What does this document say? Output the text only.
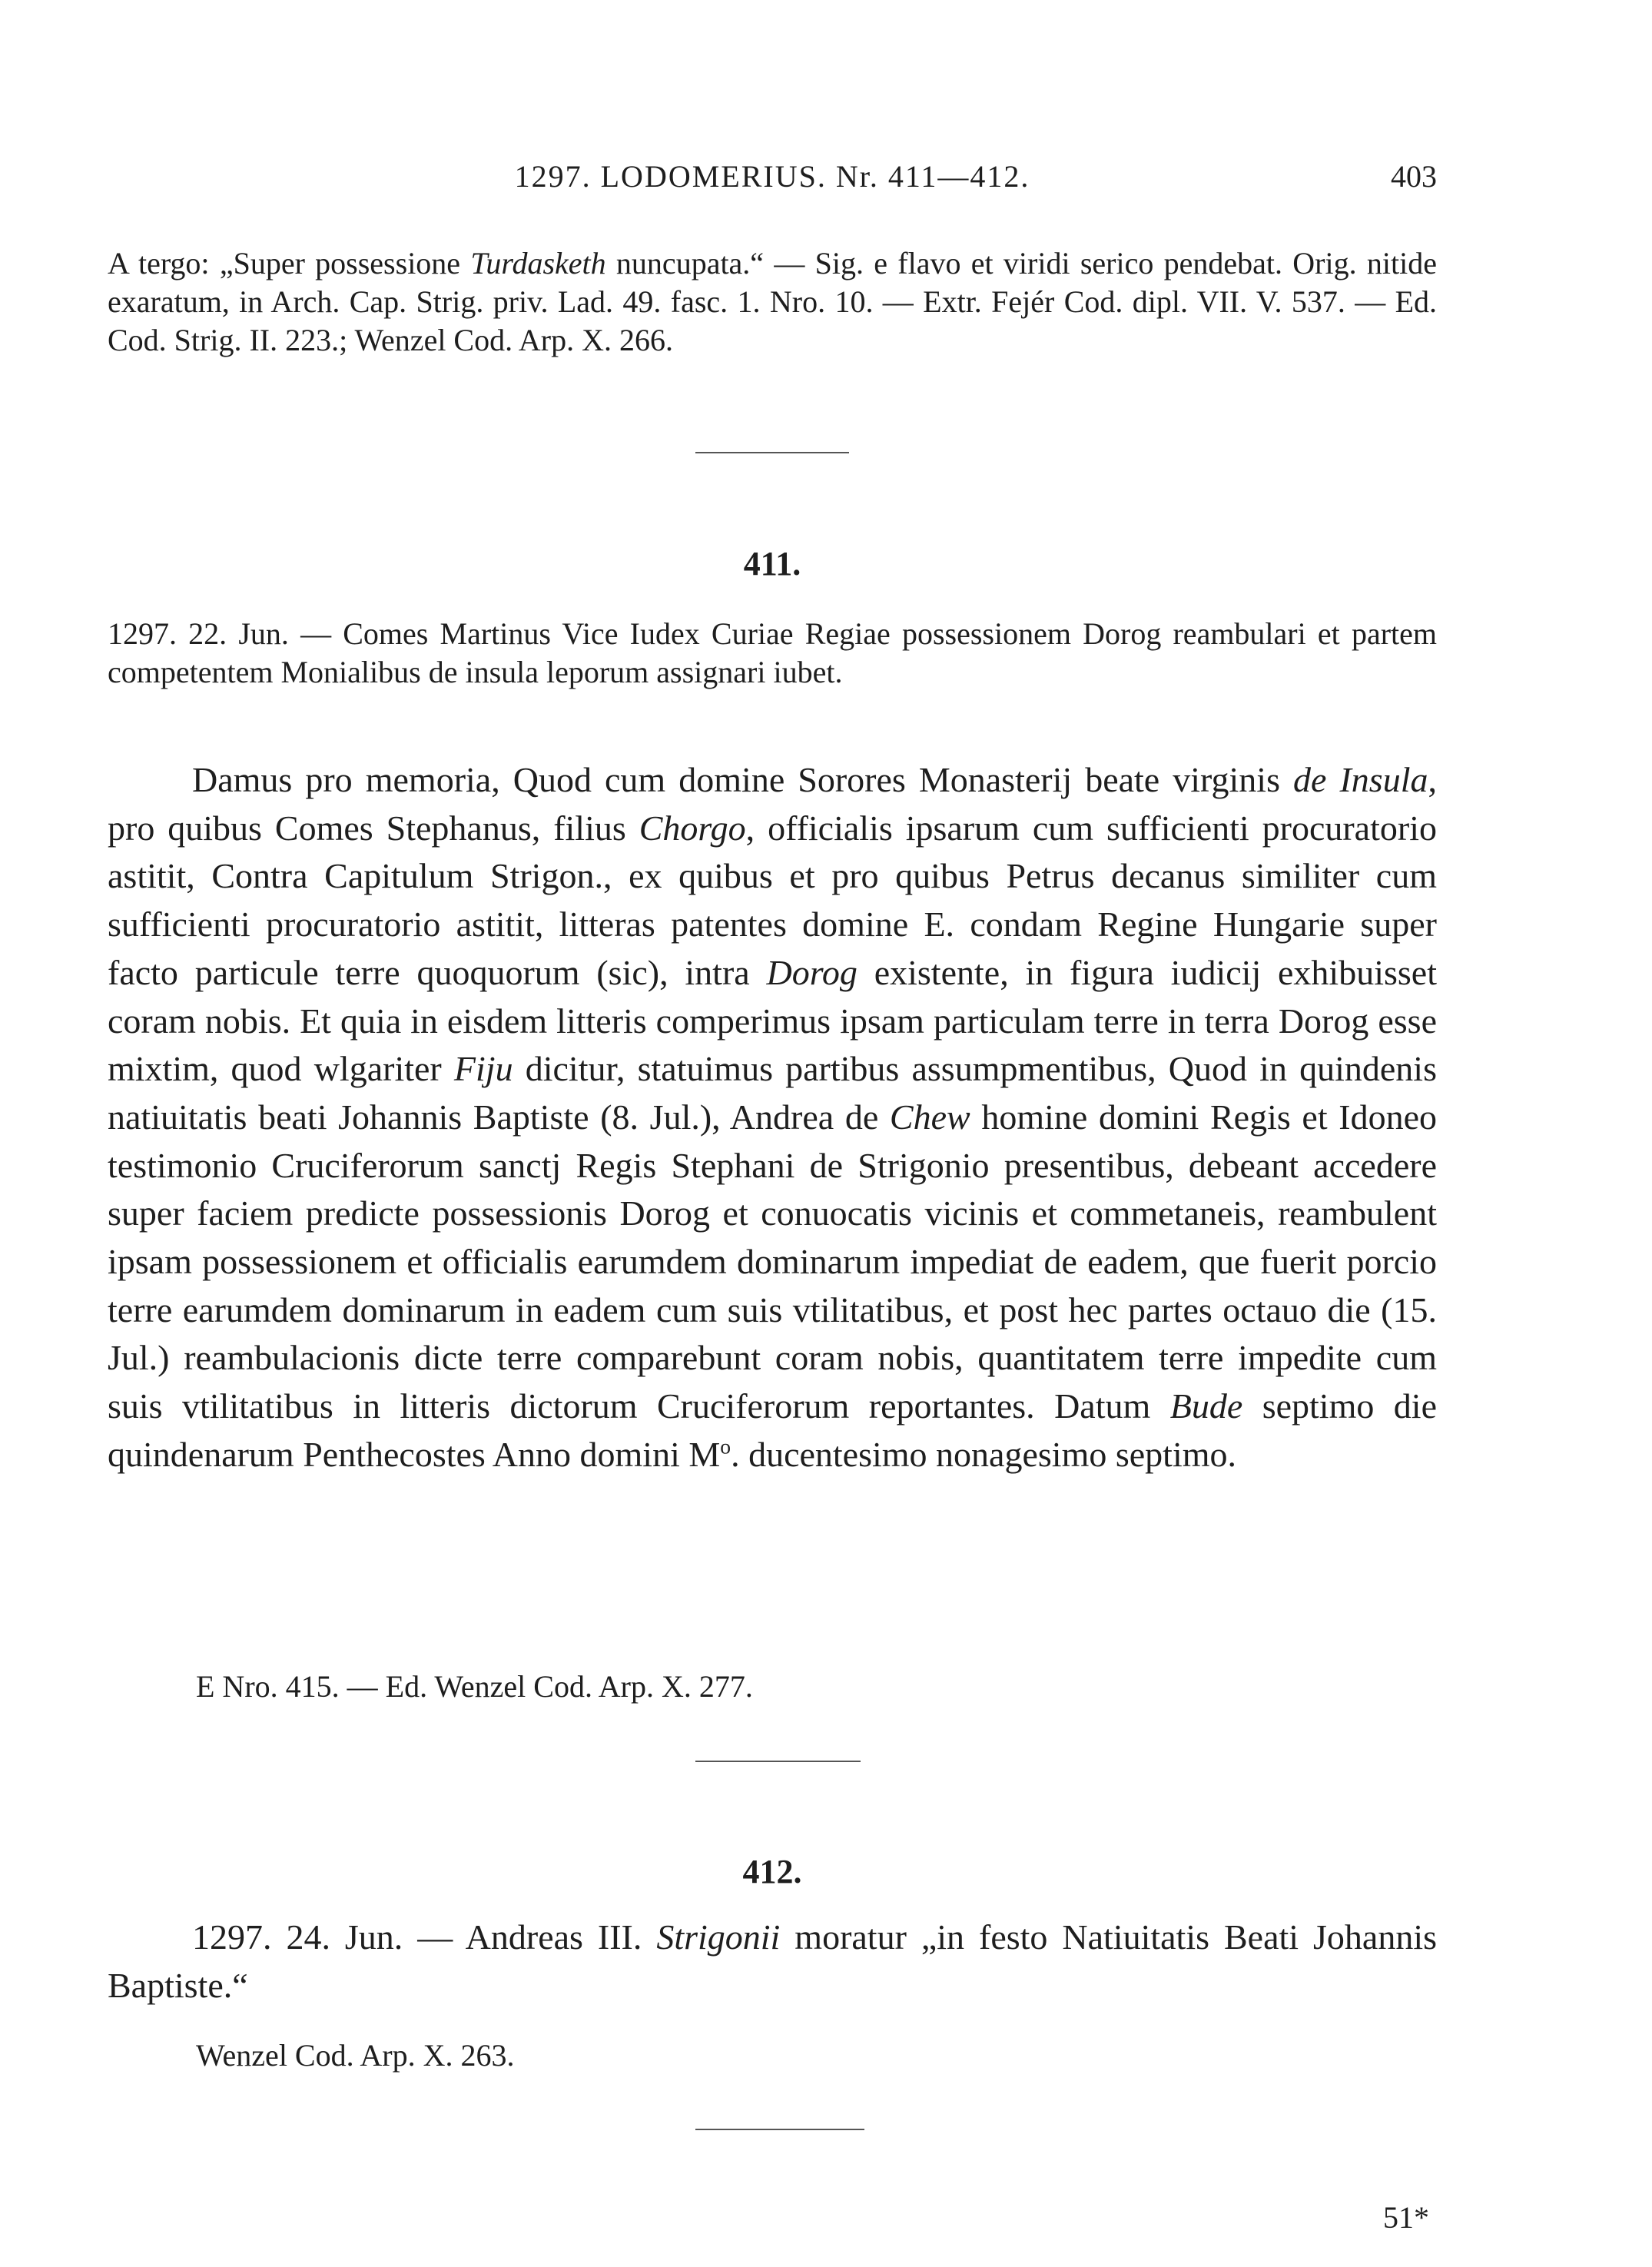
1297. LODOMERIUS. Nr. 411—412.	403

A tergo: „Super possessione Turdasketh nuncupata.“ — Sig. e flavo et viridi serico pendebat. Orig. nitide exaratum, in Arch. Cap. Strig. priv. Lad. 49. fasc. 1. Nro. 10. — Extr. Fejér Cod. dipl. VII. V. 537. — Ed. Cod. Strig. II. 223.; Wenzel Cod. Arp. X. 266.

411.

1297. 22. Jun. — Comes Martinus Vice Iudex Curiae Regiae possessionem Dorog reambulari et partem competentem Monialibus de insula leporum assignari iubet.

Damus pro memoria, Quod cum domine Sorores Monasterij beate virginis de Insula, pro quibus Comes Stephanus, filius Chorgo, officialis ipsarum cum sufficienti procuratorio astitit, Contra Capitulum Strigon., ex quibus et pro quibus Petrus decanus similiter cum sufficienti procuratorio astitit, litteras patentes domine E. condam Regine Hungarie super facto particule terre quoquorum (sic), intra Dorog existente, in figura iudicij exhibuisset coram nobis. Et quia in eisdem litteris comperimus ipsam particulam terre in terra Dorog esse mixtim, quod wlgariter Fiju dicitur, statuimus partibus assumpmentibus, Quod in quindenis natiuitatis beati Johannis Baptiste (8. Jul.), Andrea de Chew homine domini Regis et Idoneo testimonio Cruciferorum sanctj Regis Stephani de Strigonio presentibus, debeant accedere super faciem predicte possessionis Dorog et conuocatis vicinis et commetaneis, reambulent ipsam possessionem et officialis earumdem dominarum impediat de eadem, que fuerit porcio terre earumdem dominarum in eadem cum suis vtilitatibus, et post hec partes octauo die (15. Jul.) reambulacionis dicte terre comparebunt coram nobis, quantitatem terre impedite cum suis vtilitatibus in litteris dictorum Cruciferorum reportantes. Datum Bude septimo die quindenarum Penthecostes Anno domini $M^o$. ducentesimo nonagesimo septimo.

E Nro. 415. — Ed. Wenzel Cod. Arp. X. 277.

412.

1297. 24. Jun. — Andreas III. Strigonii moratur „in festo Natiuitatis Beati Johannis Baptiste.“

Wenzel Cod. Arp. X. 263.

51*
